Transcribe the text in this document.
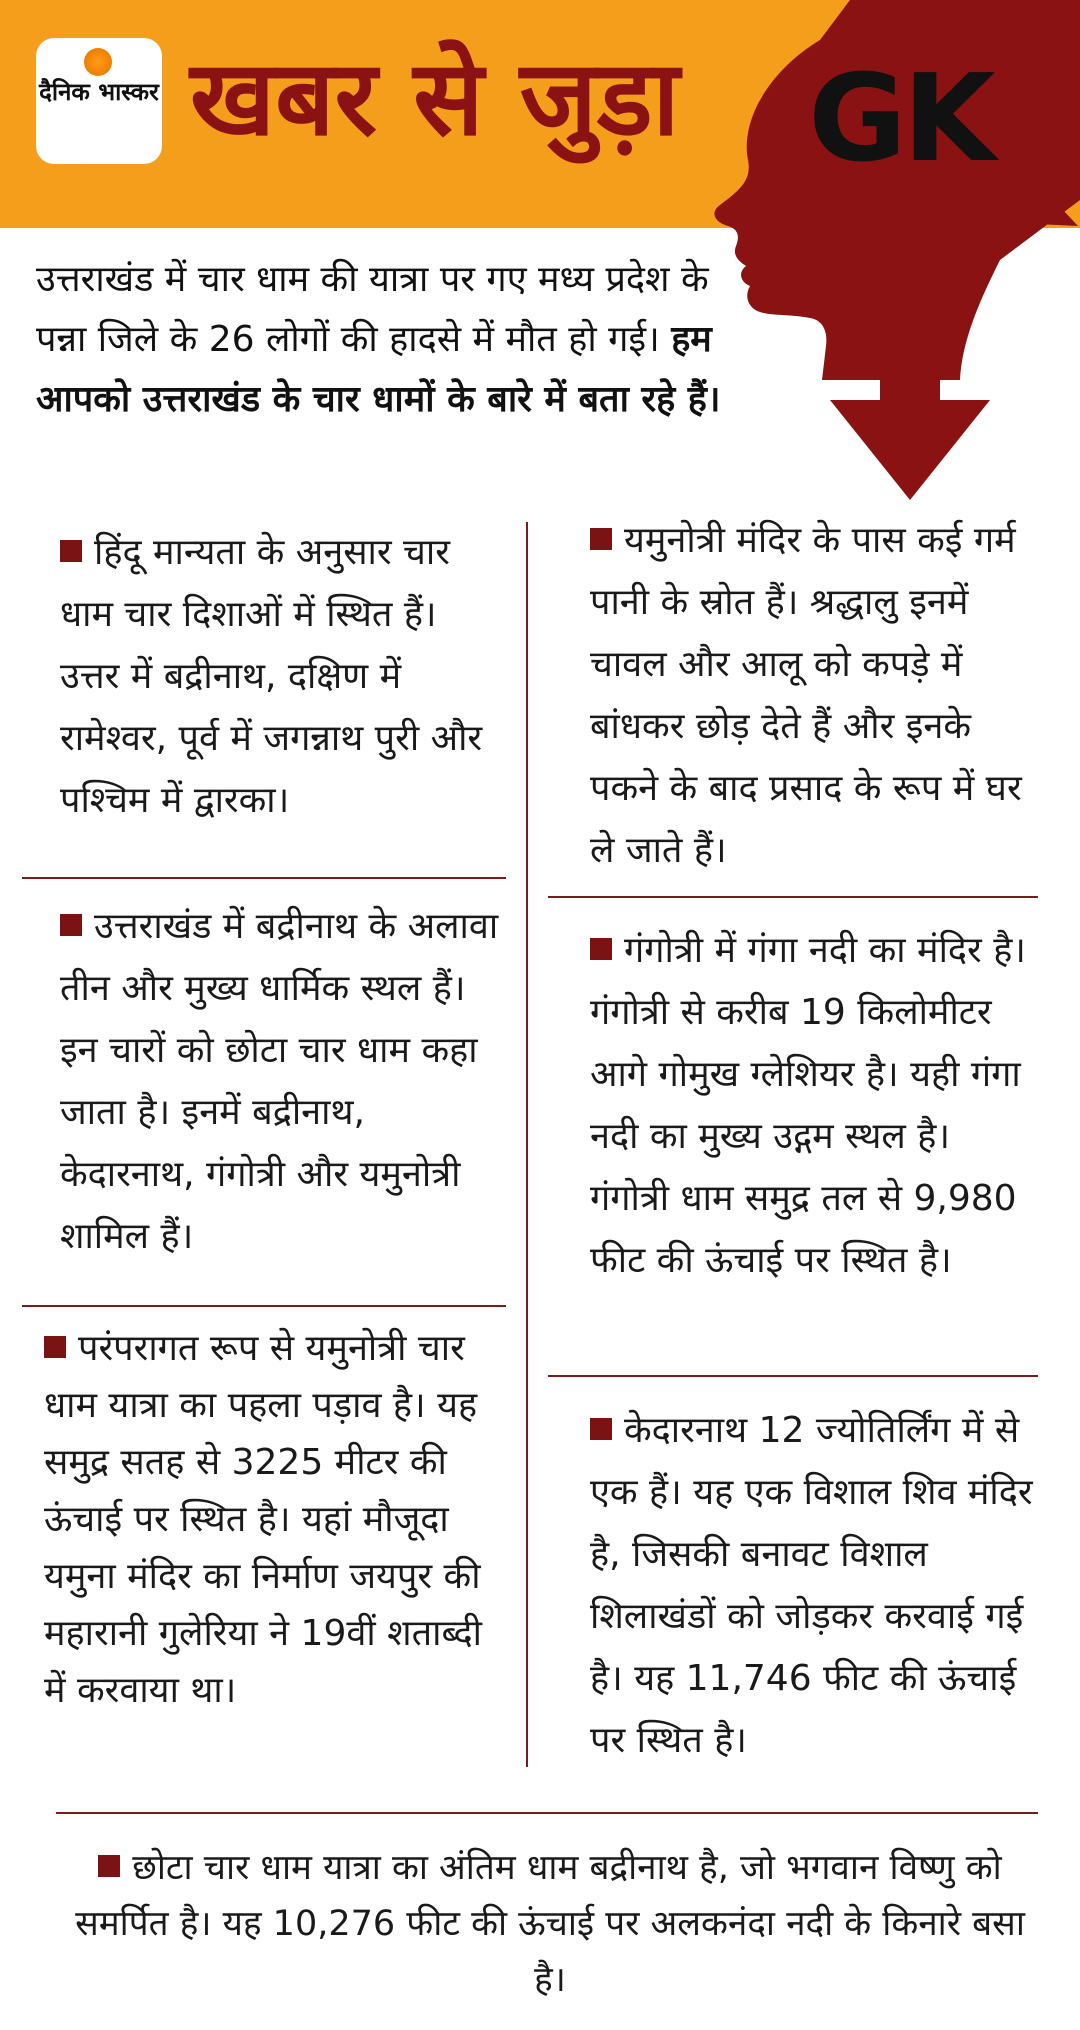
दैनिक भास्कर खबर से जुड़ा GK
उत्तराखंड में चार धाम की यात्रा पर गए मध्य प्रदेश के पन्ना जिले के 26 लोगों की हादसे में मौत हो गई। हम आपको उत्तराखंड के चार धामों के बारे में बता रहे हैं।
हिंदू मान्यता के अनुसार चार धाम चार दिशाओं में स्थित हैं। उत्तर में बद्रीनाथ, दक्षिण में रामेश्वर, पूर्व में जगन्नाथ पुरी और पश्चिम में द्वारका।
उत्तराखंड में बद्रीनाथ के अलावा तीन और मुख्य धार्मिक स्थल हैं। इन चारों को छोटा चार धाम कहा जाता है। इनमें बद्रीनाथ, केदारनाथ, गंगोत्री और यमुनोत्री शामिल हैं।
परंपरागत रूप से यमुनोत्री चार धाम यात्रा का पहला पड़ाव है। यह समुद्र सतह से 3225 मीटर की ऊंचाई पर स्थित है। यहां मौजूदा यमुना मंदिर का निर्माण जयपुर की महारानी गुलेरिया ने 19वीं शताब्दी में करवाया था।
यमुनोत्री मंदिर के पास कई गर्म पानी के स्रोत हैं। श्रद्धालु इनमें चावल और आलू को कपड़े में बांधकर छोड़ देते हैं और इनके पकने के बाद प्रसाद के रूप में घर ले जाते हैं।
गंगोत्री में गंगा नदी का मंदिर है। गंगोत्री से करीब 19 किलोमीटर आगे गोमुख ग्लेशियर है। यही गंगा नदी का मुख्य उद्गम स्थल है। गंगोत्री धाम समुद्र तल से 9,980 फीट की ऊंचाई पर स्थित है।
केदारनाथ 12 ज्योतिर्लिंग में से एक हैं। यह एक विशाल शिव मंदिर है, जिसकी बनावट विशाल शिलाखंडों को जोड़कर करवाई गई है। यह 11,746 फीट की ऊंचाई पर स्थित है।
छोटा चार धाम यात्रा का अंतिम धाम बद्रीनाथ है, जो भगवान विष्णु को समर्पित है। यह 10,276 फीट की ऊंचाई पर अलकनंदा नदी के किनारे बसा है।
